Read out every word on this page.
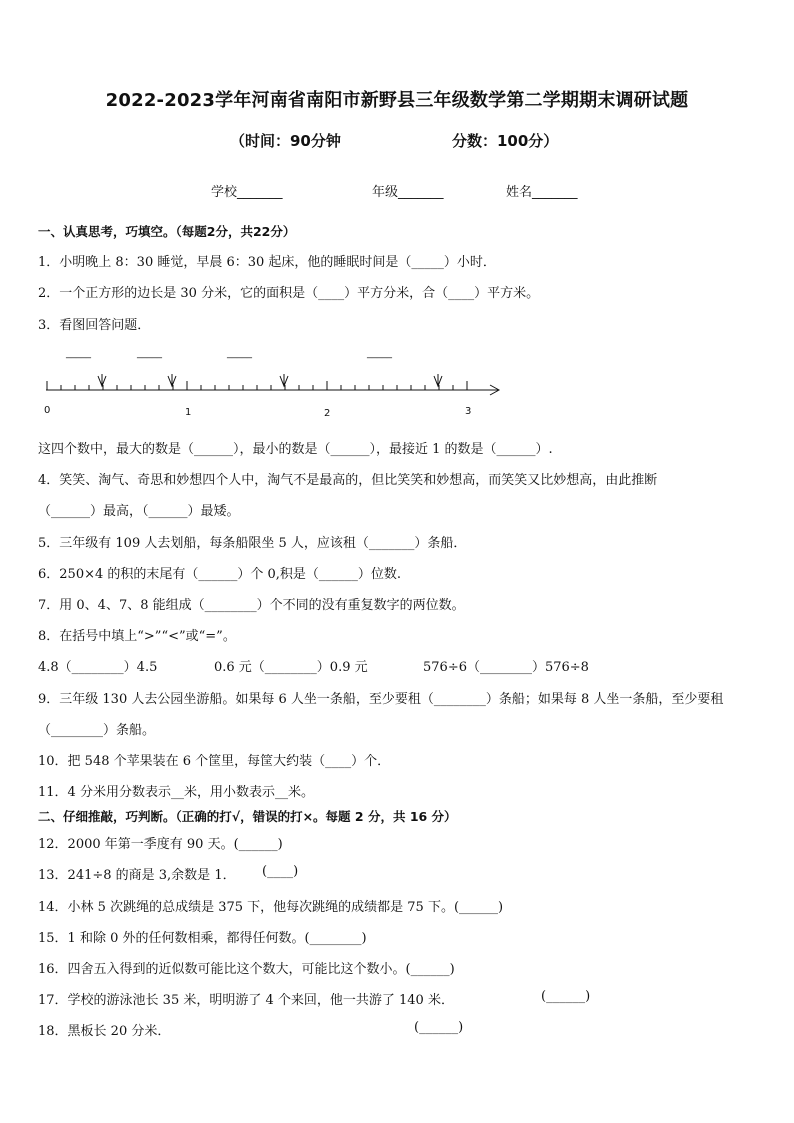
2022-2023学年河南省南阳市新野县三年级数学第二学期期末调研试题
（时间：90分钟	分数：100分）
学校_______	年级_______	姓名_______
一、认真思考，巧填空。（每题2分，共22分）
1．小明晚上 8：30 睡觉，早晨 6：30 起床，他的睡眠时间是（_____）小时．
2．一个正方形的边长是 30 分米，它的面积是（____）平方分米，合（____）平方米。
3．看图回答问题．
_____	_____	_____	_____
0	1	2	3
这四个数中，最大的数是（______），最小的数是（______），最接近 1 的数是（______）.
4．笑笑、淘气、奇思和妙想四个人中，淘气不是最高的，但比笑笑和妙想高，而笑笑又比妙想高，由此推断
（______）最高，（______）最矮。
5．三年级有 109 人去划船，每条船限坐 5 人，应该租（_______）条船．
6．250×4 的积的末尾有（______）个 0,积是（______）位数.
7．用 0、4、7、8 能组成（________）个不同的没有重复数字的两位数。
8．在括号中填上“>”“<”或“=”。
4.8（________）4.5	0.6 元（________）0.9 元	576÷6（________）576÷8
9．三年级 130 人去公园坐游船。如果每 6 人坐一条船，至少要租（________）条船；如果每 8 人坐一条船，至少要租
（________）条船。
10．把 548 个苹果装在 6 个筐里，每筐大约装（____）个．
11．4 分米用分数表示__米，用小数表示__米。
二、仔细推敲，巧判断。（正确的打√，错误的打×。每题 2 分，共 16 分）
12．2000 年第一季度有 90 天。(______)
13．241÷8 的商是 3,余数是 1． (____)
14．小林 5 次跳绳的总成绩是 375 下，他每次跳绳的成绩都是 75 下。(______)
15．1 和除 0 外的任何数相乘，都得任何数。(________)
16．四舍五入得到的近似数可能比这个数大，可能比这个数小。(______)
17．学校的游泳池长 35 米，明明游了 4 个来回，他一共游了 140 米．	(______)
18．黑板长 20 分米．	(______)
